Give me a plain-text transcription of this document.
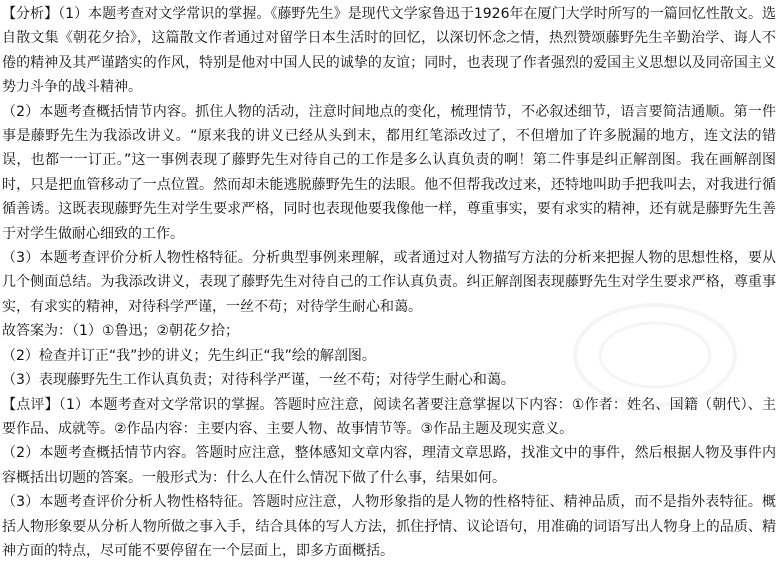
【分析】（1）本题考查对文学常识的掌握。《藤野先生》是现代文学家鲁迅于1926年在厦门大学时所写的一篇回忆性散文。选自散文集《朝花夕拾》，这篇散文作者通过对留学日本生活时的回忆，以深切怀念之情，热烈赞颂藤野先生辛勤治学、诲人不倦的精神及其严谨踏实的作风，特别是他对中国人民的诚挚的友谊；同时，也表现了作者强烈的爱国主义思想以及同帝国主义势力斗争的战斗精神。

（2）本题考查概括情节内容。抓住人物的活动，注意时间地点的变化，梳理情节，不必叙述细节，语言要简洁通顺。第一件事是藤野先生为我添改讲义。“原来我的讲义已经从头到末，都用红笔添改过了，不但增加了许多脱漏的地方，连文法的错误，也都一一订正。”这一事例表现了藤野先生对待自己的工作是多么认真负责的啊！第二件事是纠正解剖图。我在画解剖图时，只是把血管移动了一点位置。然而却未能逃脱藤野先生的法眼。他不但帮我改过来，还特地叫助手把我叫去，对我进行循循善诱。这既表现藤野先生对学生要求严格，同时也表现他要我像他一样，尊重事实，要有求实的精神，还有就是藤野先生善于对学生做耐心细致的工作。

（3）本题考查评价分析人物性格特征。分析典型事例来理解，或者通过对人物描写方法的分析来把握人物的思想性格，要从几个侧面总结。为我添改讲义，表现了藤野先生对待自己的工作认真负责。纠正解剖图表现藤野先生对学生要求严格，尊重事实，有求实的精神，对待科学严谨，一丝不苟；对待学生耐心和蔼。

故答案为：（1）①鲁迅；②朝花夕拾；

（2）检查并订正“我”抄的讲义；先生纠正“我”绘的解剖图。

（3）表现藤野先生工作认真负责；对待科学严谨，一丝不苟；对待学生耐心和蔼。

【点评】（1）本题考查对文学常识的掌握。答题时应注意，阅读名著要注意掌握以下内容：①作者：姓名、国籍（朝代）、主要作品、成就等。②作品内容：主要内容、主要人物、故事情节等。③作品主题及现实意义。

（2）本题考查概括情节内容。答题时应注意，整体感知文章内容，理清文章思路，找准文中的事件，然后根据人物及事件内容概括出切题的答案。一般形式为：什么人在什么情况下做了什么事，结果如何。

（3）本题考查评价分析人物性格特征。答题时应注意，人物形象指的是人物的性格特征、精神品质，而不是指外表特征。概括人物形象要从分析人物所做之事入手，结合具体的写人方法，抓住抒情、议论语句，用准确的词语写出人物身上的品质、精神方面的特点，尽可能不要停留在一个层面上，即多方面概括。
